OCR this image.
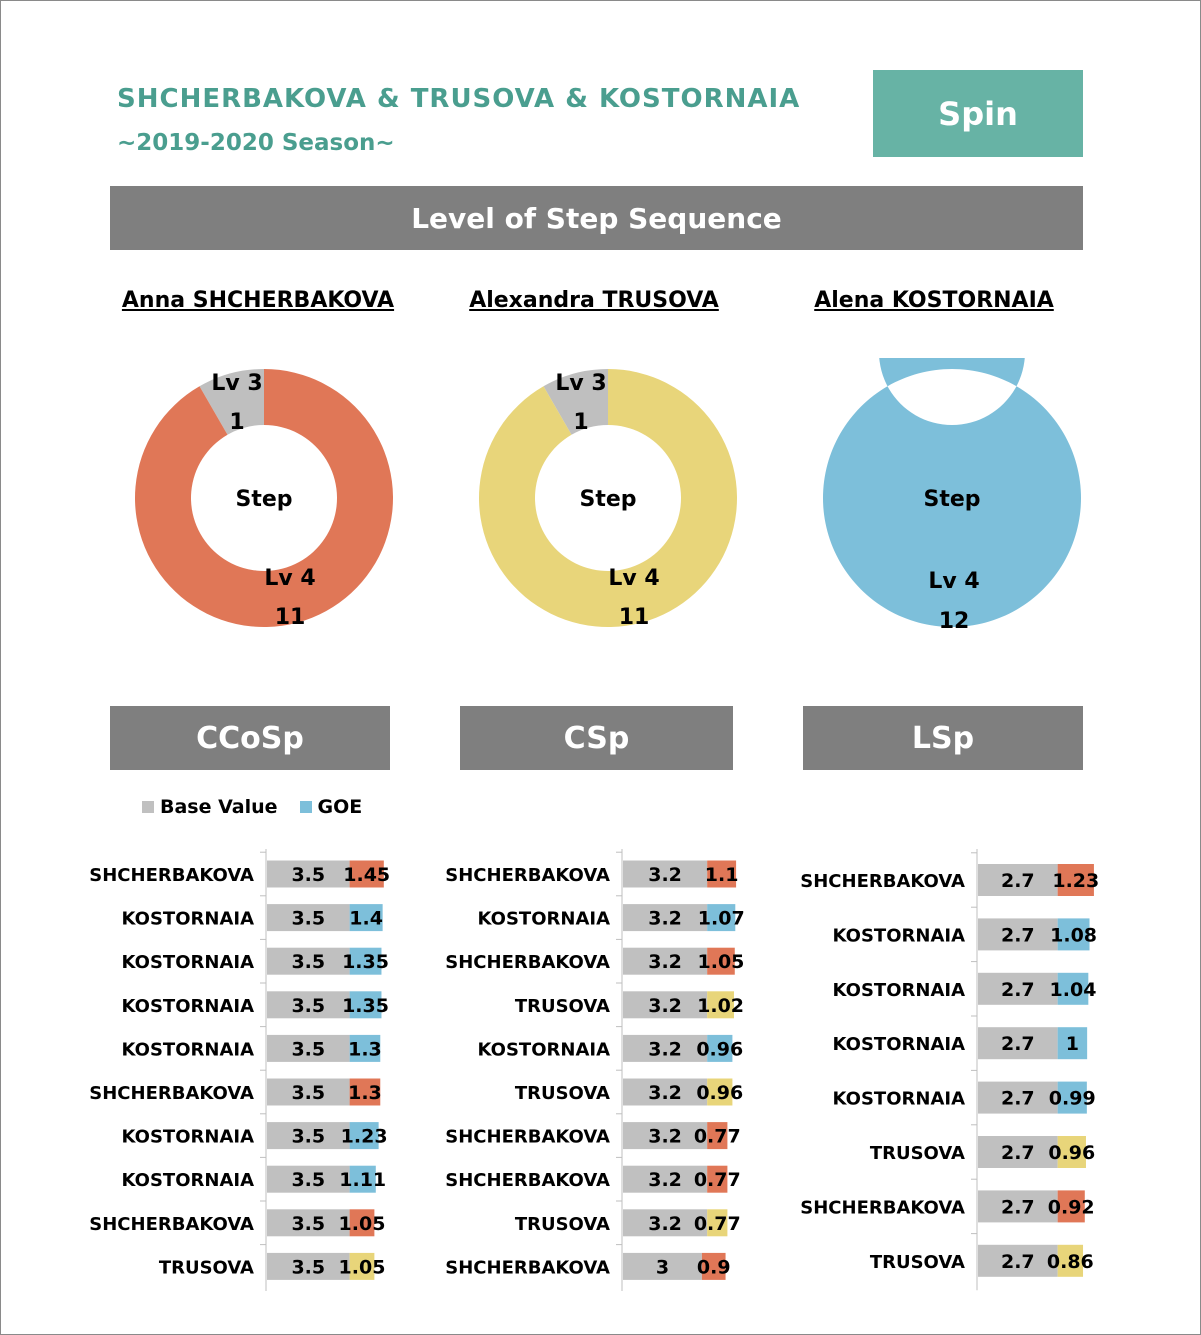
SHCHERBAKOVA & TRUSOVA & KOSTORNAIA
~2019-2020 Season~
Spin
Level of Step Sequence
Anna SHCHERBAKOVA	Alexandra TRUSOVA	Alena KOSTORNAIA
Lv 3
1
Lv 4
11
Step
Lv 3
1
Lv 4
11
Step
Lv 4
12
Step
CCoSp	CSp	LSp
Base Value GOE
SHCHERBAKOVA 3.5 1.45
KOSTORNAIA 3.5 1.4
KOSTORNAIA 3.5 1.35
KOSTORNAIA 3.5 1.35
KOSTORNAIA 3.5 1.3
SHCHERBAKOVA 3.5 1.3
KOSTORNAIA 3.5 1.23
KOSTORNAIA 3.5 1.11
SHCHERBAKOVA 3.5 1.05
TRUSOVA 3.5 1.05
SHCHERBAKOVA 3.2 1.1
KOSTORNAIA 3.2 1.07
SHCHERBAKOVA 3.2 1.05
TRUSOVA 3.2 1.02
KOSTORNAIA 3.2 0.96
TRUSOVA 3.2 0.96
SHCHERBAKOVA 3.2 0.77
SHCHERBAKOVA 3.2 0.77
TRUSOVA 3.2 0.77
SHCHERBAKOVA 3 0.9
SHCHERBAKOVA 2.7 1.23
KOSTORNAIA 2.7 1.08
KOSTORNAIA 2.7 1.04
KOSTORNAIA 2.7 1
KOSTORNAIA 2.7 0.99
TRUSOVA 2.7 0.96
SHCHERBAKOVA 2.7 0.92
TRUSOVA 2.7 0.86
